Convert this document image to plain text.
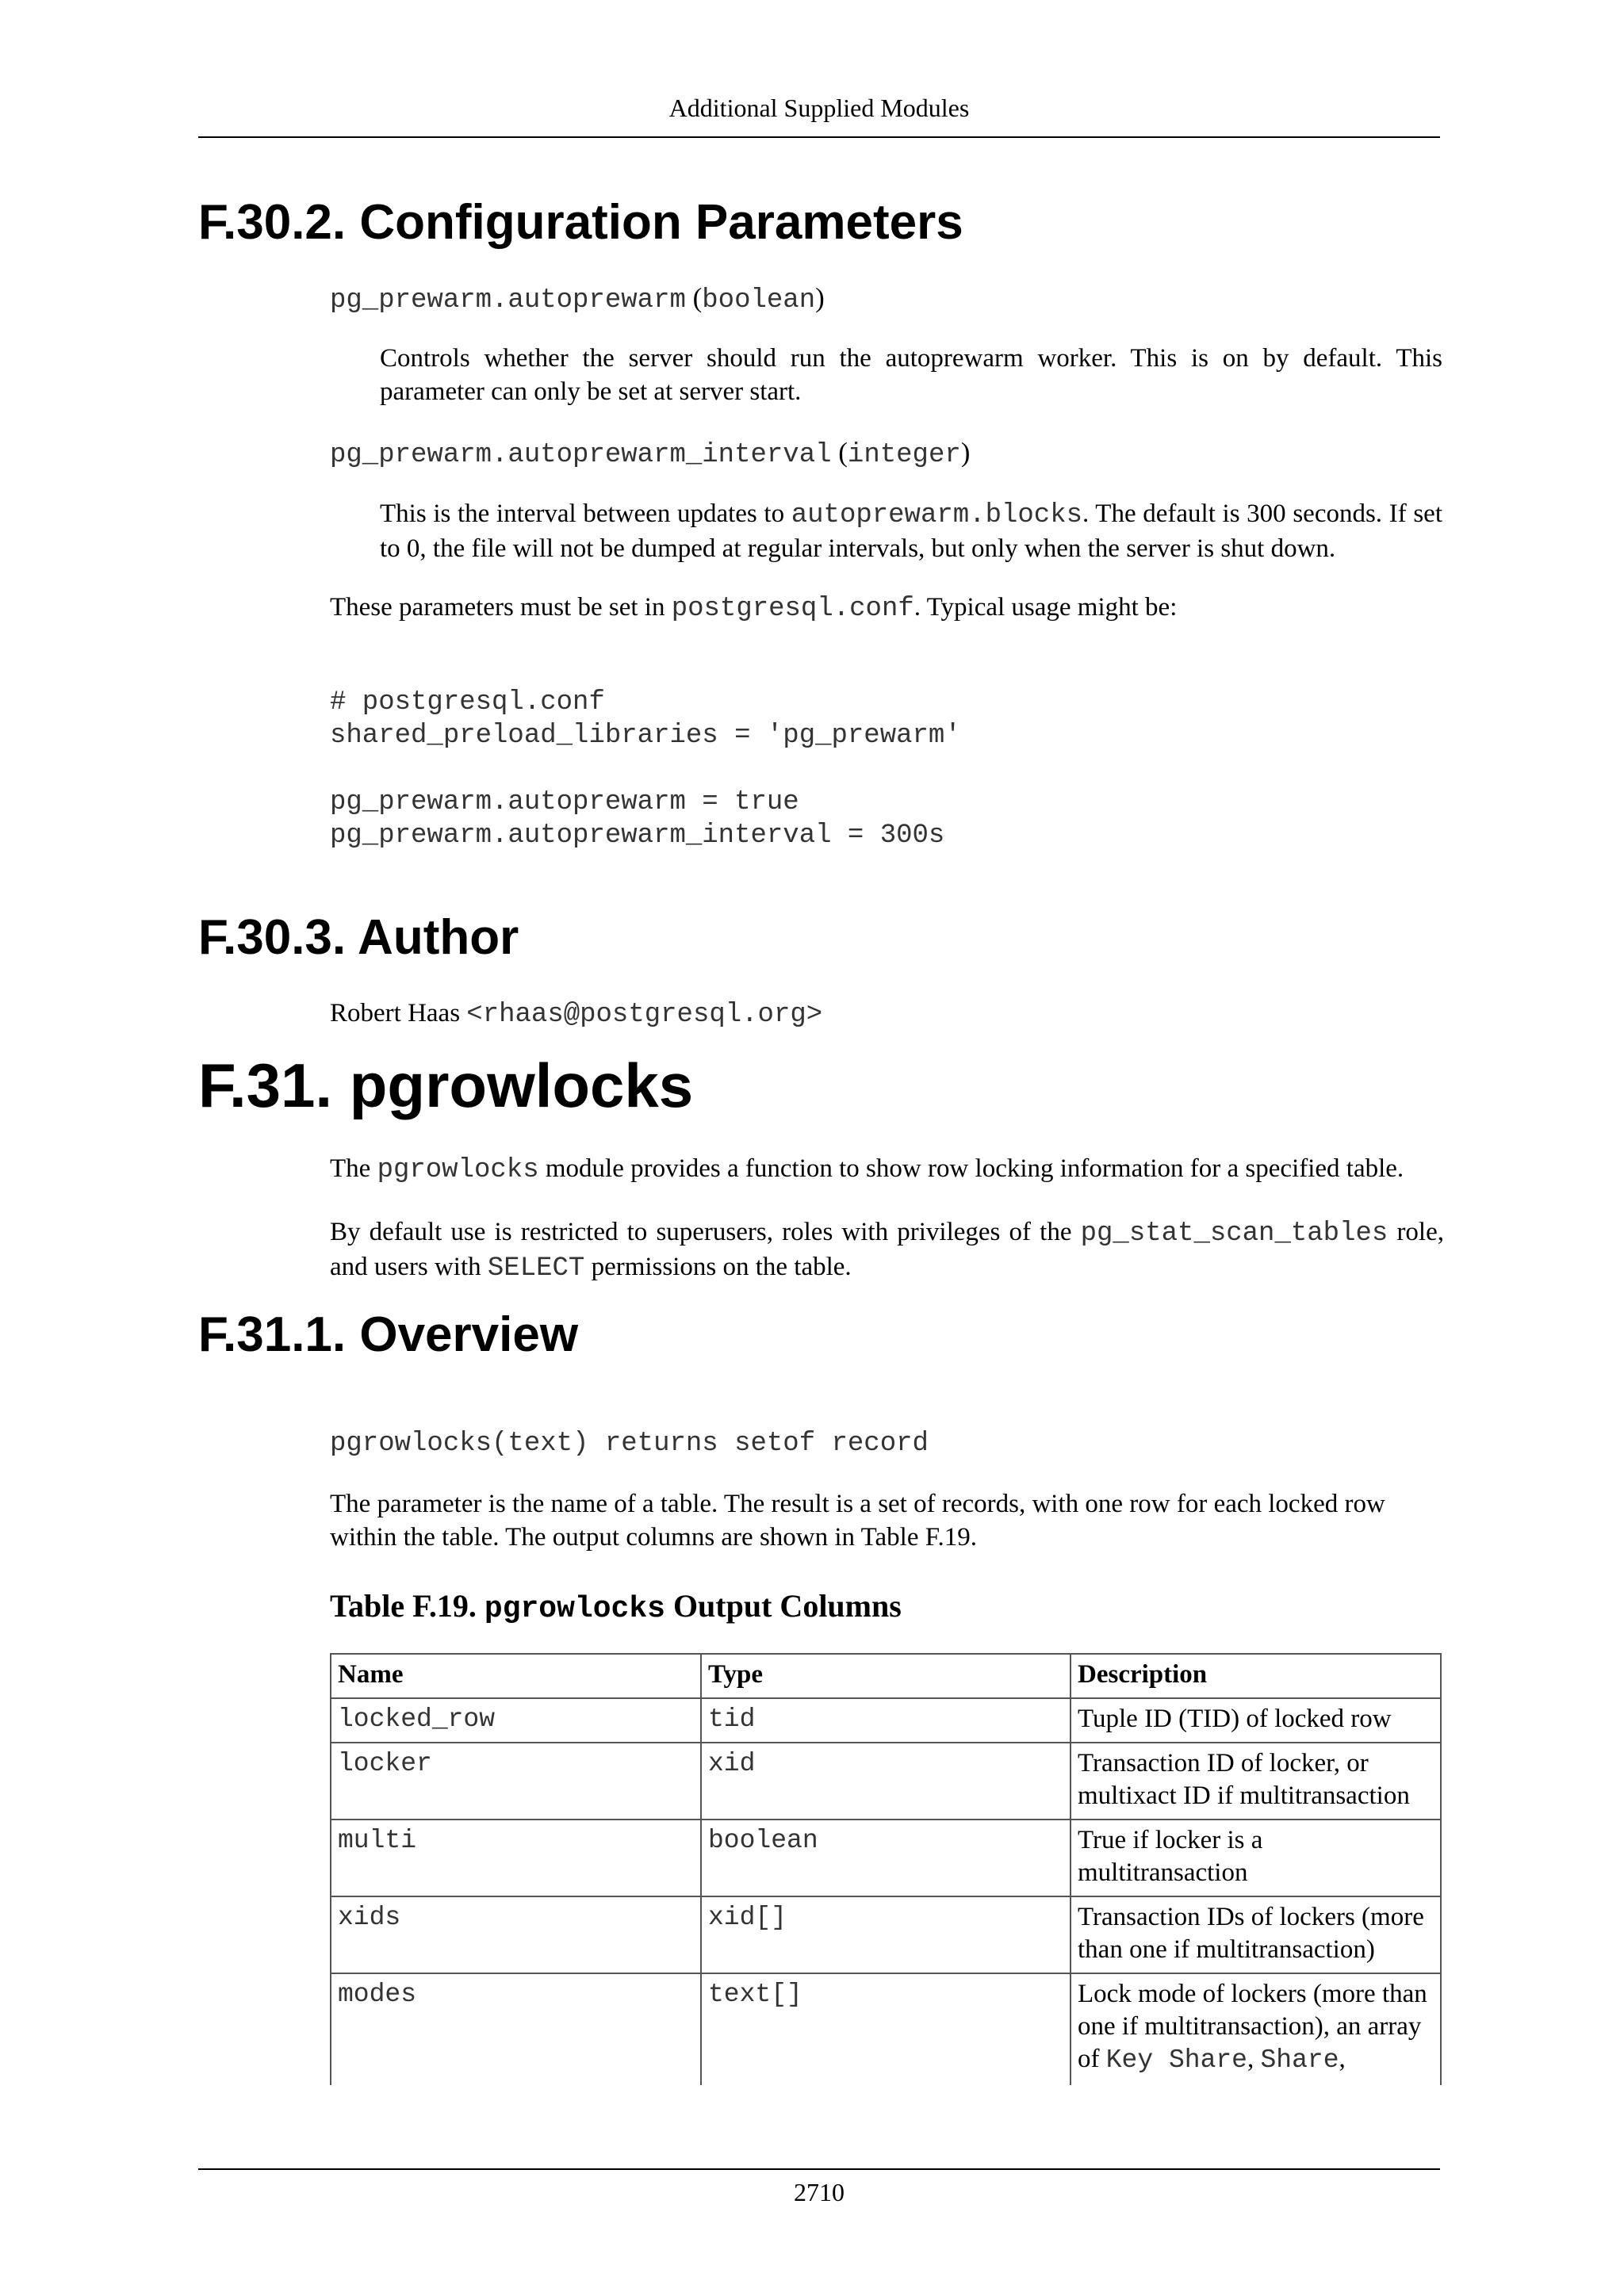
Additional Supplied Modules
F.30.2. Configuration Parameters
pg_prewarm.autoprewarm (boolean)

Controls whether the server should run the autoprewarm worker. This is on by default. This parameter can only be set at server start.

pg_prewarm.autoprewarm_interval (integer)

This is the interval between updates to autoprewarm.blocks. The default is 300 seconds. If set to 0, the file will not be dumped at regular intervals, but only when the server is shut down.

These parameters must be set in postgresql.conf. Typical usage might be:

# postgresql.conf
shared_preload_libraries = 'pg_prewarm'

pg_prewarm.autoprewarm = true
pg_prewarm.autoprewarm_interval = 300s
F.30.3. Author

Robert Haas <rhaas@postgresql.org>

F.31. pgrowlocks

The pgrowlocks module provides a function to show row locking information for a specified table.

By default use is restricted to superusers, roles with privileges of the pg_stat_scan_tables role, and users with SELECT permissions on the table.

F.31.1. Overview
pgrowlocks(text) returns setof record

The parameter is the name of a table. The result is a set of records, with one row for each locked row within the table. The output columns are shown in Table F.19.

Table F.19. pgrowlocks Output Columns
Name	Type	Description
locked_row	tid	Tuple ID (TID) of locked row
locker	xid	Transaction ID of locker, or multixact ID if multitransaction
multi	boolean	True if locker is a multitransaction
xids	xid[]	Transaction IDs of lockers (more than one if multitransaction)
modes	text[]	Lock mode of lockers (more than one if multitransaction), an array of Key Share, Share,
2710
